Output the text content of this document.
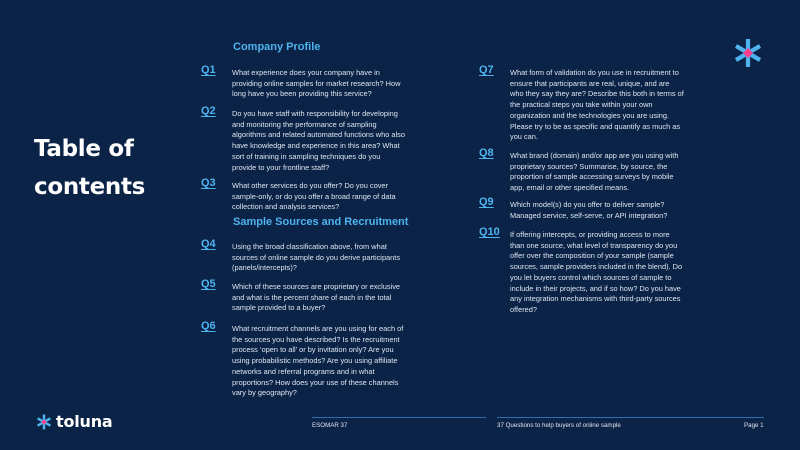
Table of
contents
Company Profile
Sample Sources and Recruitment
Q1	What experience does your company have in providing online samples for market research? How long have you been providing this service?
Q2	Do you have staff with responsibility for developing and monitoring the performance of sampling algorithms and related automated functions who also have knowledge and experience in this area? What sort of training in sampling techniques do you provide to your frontline staff?
Q3	What other services do you offer? Do you cover sample-only, or do you offer a broad range of data collection and analysis services?
Q4	Using the broad classification above, from what sources of online sample do you derive participants (panels/intercepts)?
Q5	Which of these sources are proprietary or exclusive and what is the percent share of each in the total sample provided to a buyer?
Q6	What recruitment channels are you using for each of the sources you have described? Is the recruitment process ‘open to all’ or by invitation only? Are you using probabilistic methods? Are you using affiliate networks and referral programs and in what proportions? How does your use of these channels vary by geography?
Q7	What form of validation do you use in recruitment to ensure that participants are real, unique, and are who they say they are? Describe this both in terms of the practical steps you take within your own organization and the technologies you are using. Please try to be as specific and quantify as much as you can.
Q8	What brand (domain) and/or app are you using with proprietary sources? Summarise, by source, the proportion of sample accessing surveys by mobile app, email or other specified means.
Q9	Which model(s) do you offer to deliver sample? Managed service, self-serve, or API integration?
Q10	If offering intercepts, or providing access to more than one source, what level of transparency do you offer over the composition of your sample (sample sources, sample providers included in the blend). Do you let buyers control which sources of sample to include in their projects, and if so how? Do you have any integration mechanisms with third-party sources offered?
toluna	ESOMAR 37	37 Questions to help buyers of online sample	Page 1
